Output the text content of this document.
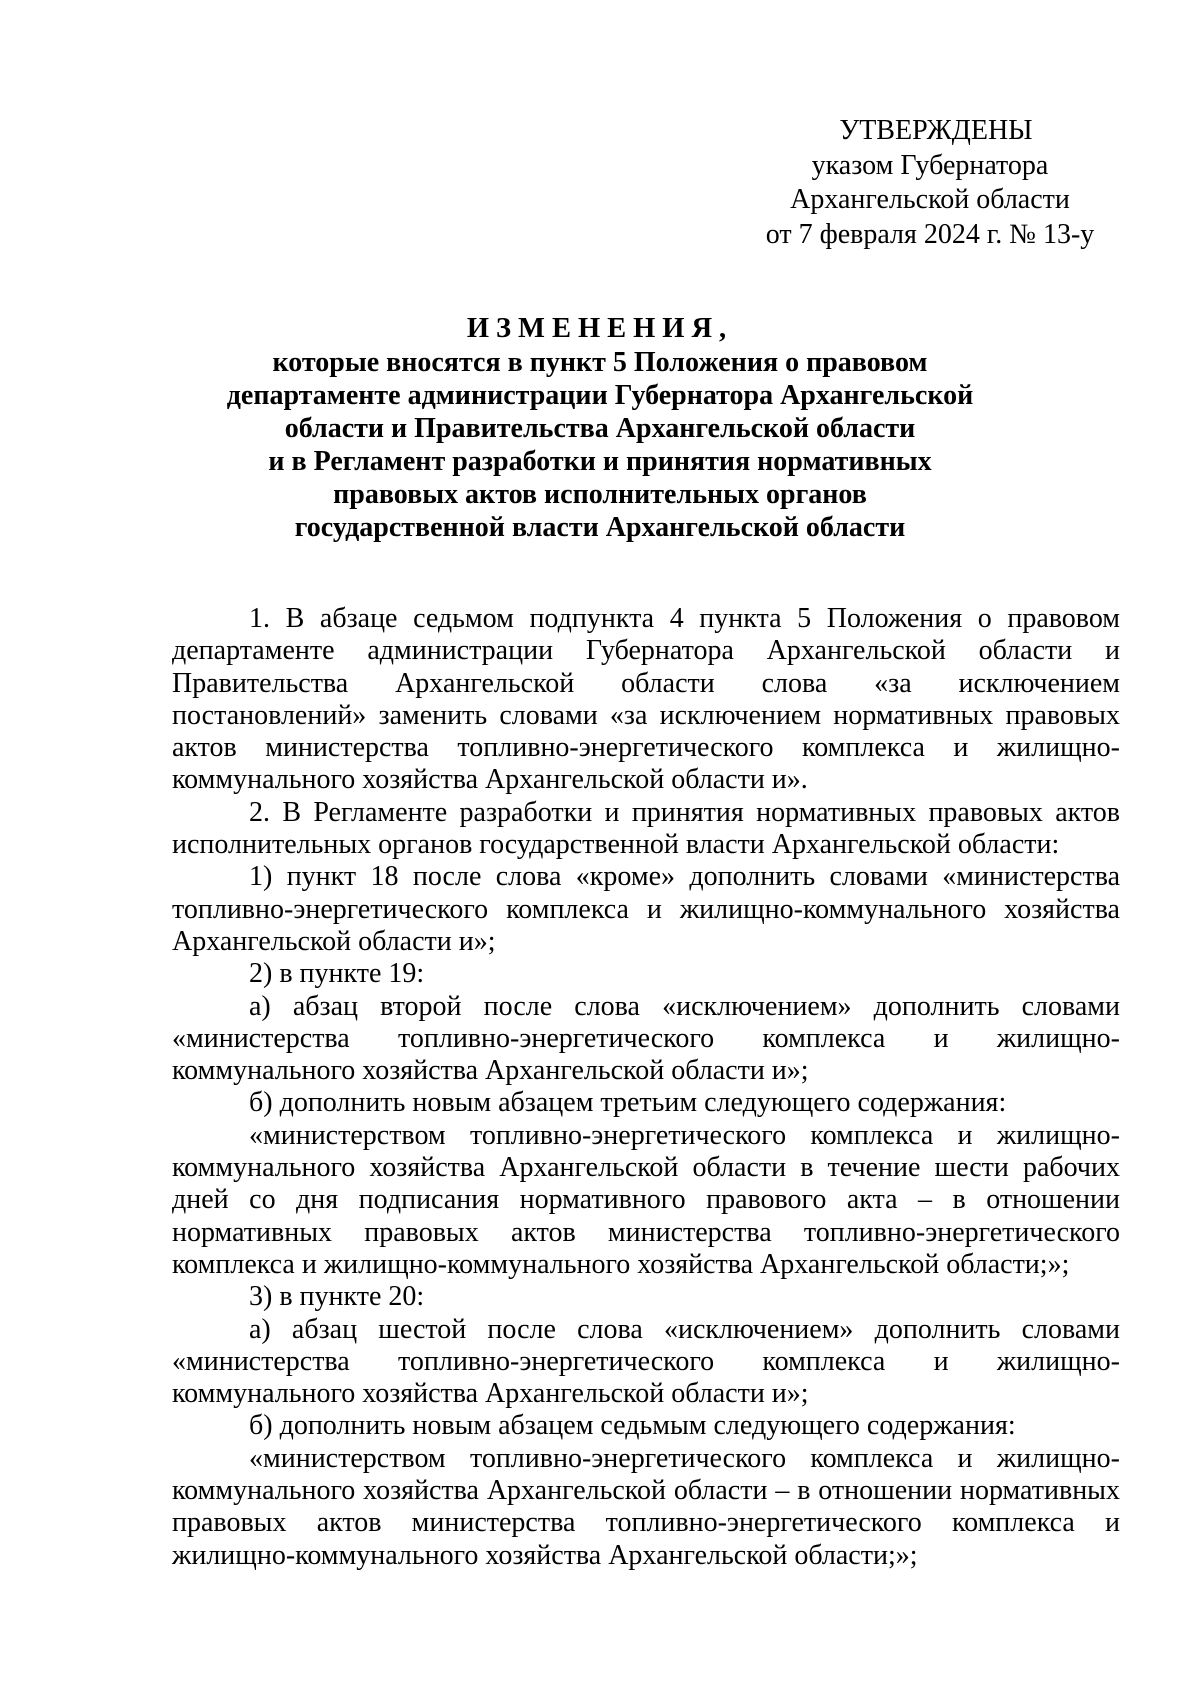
УТВЕРЖДЕНЫ
указом Губернатора
Архангельской области
от 7 февраля 2024 г. № 13-у
ИЗМЕНЕНИЯ,
которые вносятся в пункт 5 Положения о правовом
департаменте администрации Губернатора Архангельской
области и Правительства Архангельской области
и в Регламент разработки и принятия нормативных
правовых актов исполнительных органов
государственной власти Архангельской области

1. В абзаце седьмом подпункта 4 пункта 5 Положения о правовом департаменте администрации Губернатора Архангельской области и Правительства Архангельской области слова «за исключением постановлений» заменить словами «за исключением нормативных правовых актов министерства топливно-энергетического комплекса и жилищно-коммунального хозяйства Архангельской области и».

2. В Регламенте разработки и принятия нормативных правовых актов исполнительных органов государственной власти Архангельской области:

1) пункт 18 после слова «кроме» дополнить словами «министерства топливно-энергетического комплекса и жилищно-коммунального хозяйства Архангельской области и»;

2) в пункте 19:

а) абзац второй после слова «исключением» дополнить словами «министерства топливно-энергетического комплекса и жилищно-коммунального хозяйства Архангельской области и»;

б) дополнить новым абзацем третьим следующего содержания:

«министерством топливно-энергетического комплекса и жилищно-коммунального хозяйства Архангельской области в течение шести рабочих дней со дня подписания нормативного правового акта – в отношении нормативных правовых актов министерства топливно-энергетического комплекса и жилищно-коммунального хозяйства Архангельской области;»;

3) в пункте 20:

а) абзац шестой после слова «исключением» дополнить словами «министерства топливно-энергетического комплекса и жилищно-коммунального хозяйства Архангельской области и»;

б) дополнить новым абзацем седьмым следующего содержания:

«министерством топливно-энергетического комплекса и жилищно-коммунального хозяйства Архангельской области – в отношении нормативных правовых актов министерства топливно-энергетического комплекса и жилищно-коммунального хозяйства Архангельской области;»;
